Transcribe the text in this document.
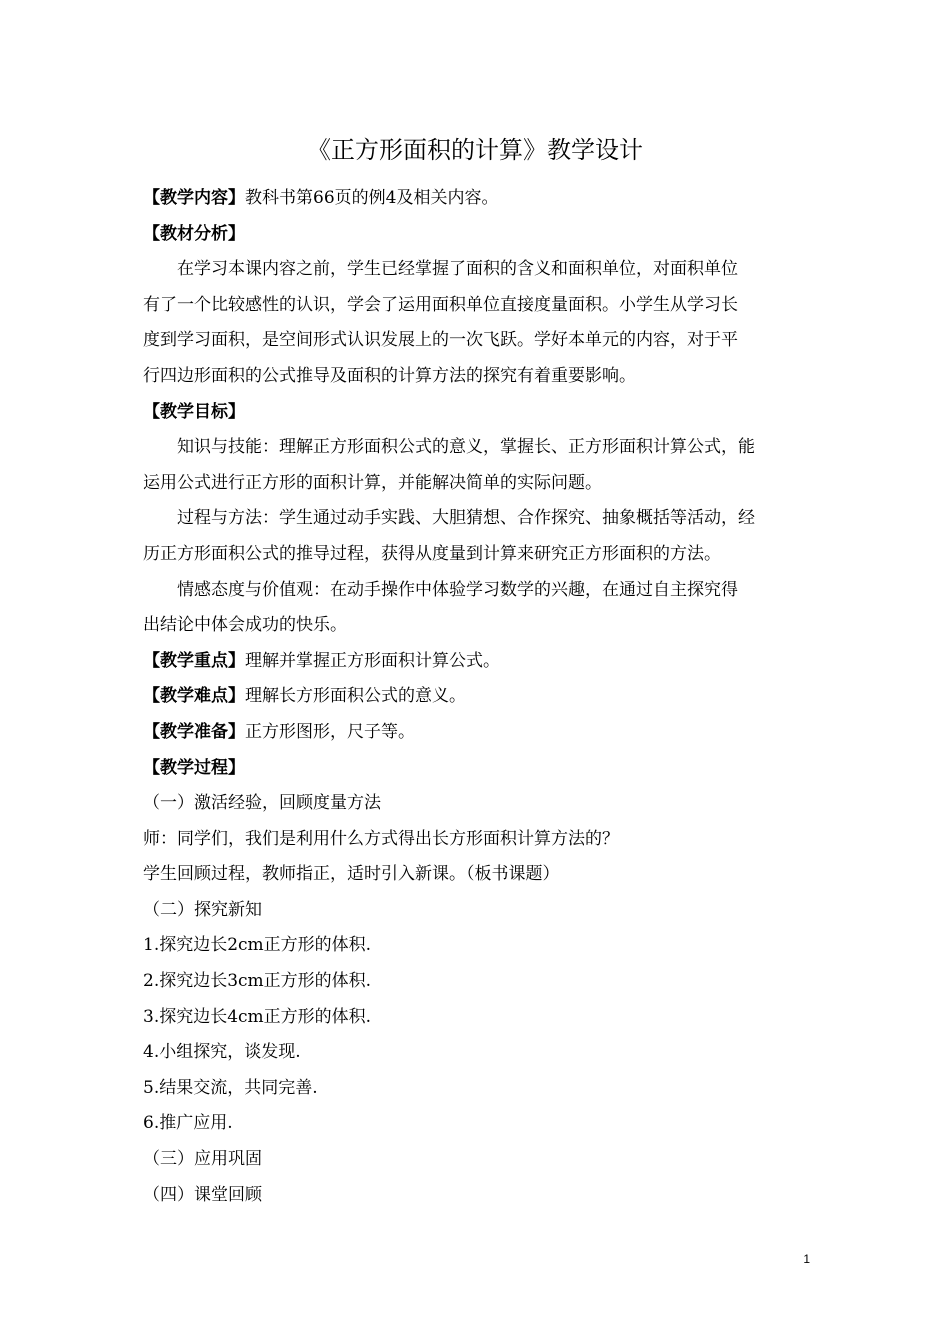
《正方形面积的计算》教学设计
【教学内容】教科书第66页的例4及相关内容。
【教材分析】
在学习本课内容之前，学生已经掌握了面积的含义和面积单位，对面积单位
有了一个比较感性的认识，学会了运用面积单位直接度量面积。小学生从学习长
度到学习面积，是空间形式认识发展上的一次飞跃。学好本单元的内容，对于平
行四边形面积的公式推导及面积的计算方法的探究有着重要影响。
【教学目标】
知识与技能：理解正方形面积公式的意义，掌握长、正方形面积计算公式，能
运用公式进行正方形的面积计算，并能解决简单的实际问题。
过程与方法：学生通过动手实践、大胆猜想、合作探究、抽象概括等活动，经
历正方形面积公式的推导过程，获得从度量到计算来研究正方形面积的方法。
情感态度与价值观：在动手操作中体验学习数学的兴趣，在通过自主探究得
出结论中体会成功的快乐。
【教学重点】理解并掌握正方形面积计算公式。
【教学难点】理解长方形面积公式的意义。
【教学准备】正方形图形，尺子等。
【教学过程】
（一）激活经验，回顾度量方法
师：同学们，我们是利用什么方式得出长方形面积计算方法的？
学生回顾过程，教师指正，适时引入新课。（板书课题）
（二）探究新知
1.探究边长2cm正方形的体积.
2.探究边长3cm正方形的体积.
3.探究边长4cm正方形的体积.
4.小组探究，谈发现.
5.结果交流，共同完善.
6.推广应用.
（三）应用巩固
（四）课堂回顾
1
